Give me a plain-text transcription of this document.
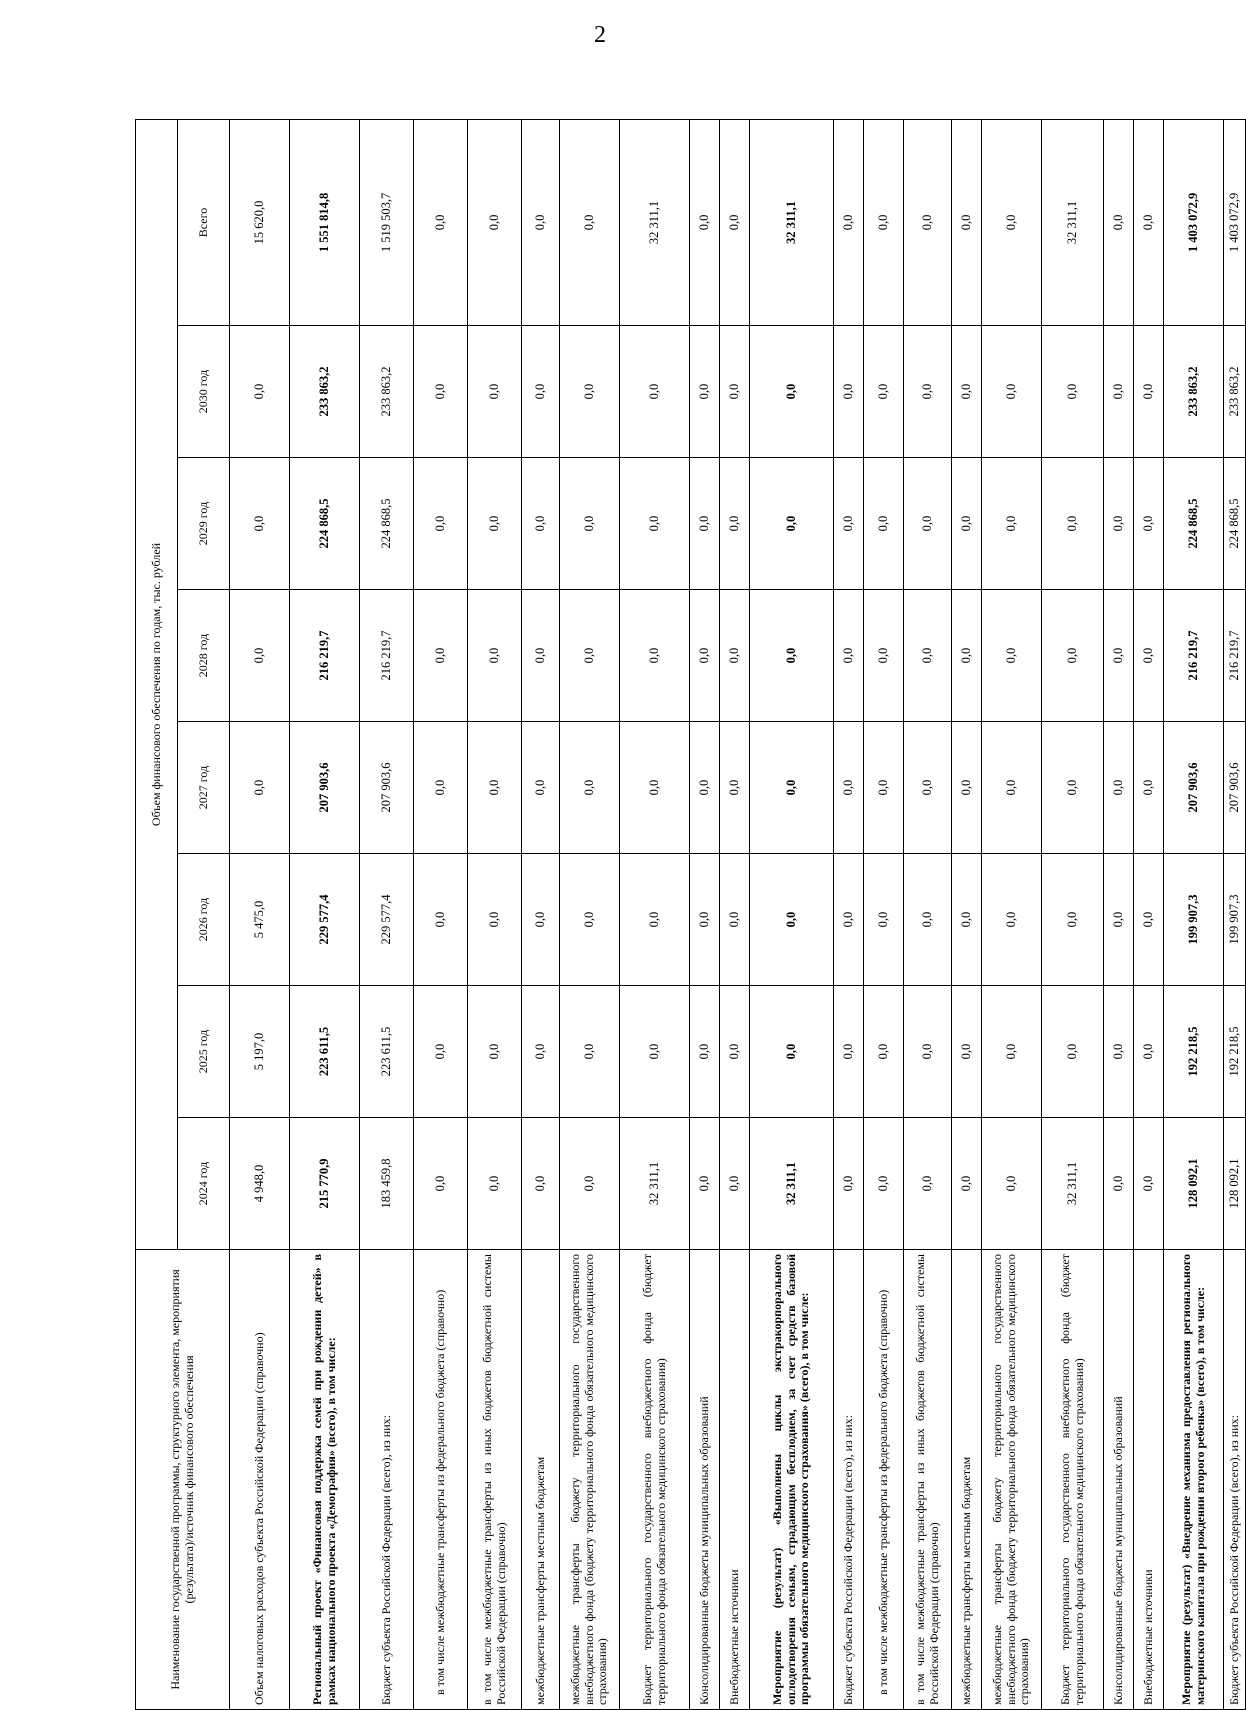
2
Наименование государственной программы, структурного элемента, мероприятия (результата)/источник финансового обеспечения	Объем финансового обеспечения по годам, тыс. рублей							
	2024 год	2025 год	2026 год	2027 год	2028 год	2029 год	2030 год	Всего
Объем налоговых расходов субъекта Российской Федерации (справочно)	4 948,0	5 197,0	5 475,0	0,0	0,0	0,0	0,0	15 620,0
Региональный проект «Финансовая поддержка семей при рождении детей» в рамках национального проекта «Демография» (всего), в том числе:	215 770,9	223 611,5	229 577,4	207 903,6	216 219,7	224 868,5	233 863,2	1 551 814,8
Бюджет субъекта Российской Федерации (всего), из них:	183 459,8	223 611,5	229 577,4	207 903,6	216 219,7	224 868,5	233 863,2	1 519 503,7
в том числе межбюджетные трансферты из федерального бюджета (справочно)	0,0	0,0	0,0	0,0	0,0	0,0	0,0	0,0
в том числе межбюджетные трансферты из иных бюджетов бюджетной системы Российской Федерации (справочно)	0,0	0,0	0,0	0,0	0,0	0,0	0,0	0,0
межбюджетные трансферты местным бюджетам	0,0	0,0	0,0	0,0	0,0	0,0	0,0	0,0
межбюджетные трансферты бюджету территориального государственного внебюджетного фонда (бюджету территориального фонда обязательного медицинского страхования)	0,0	0,0	0,0	0,0	0,0	0,0	0,0	0,0
Бюджет территориального государственного внебюджетного фонда (бюджет территориального фонда обязательного медицинского страхования)	32 311,1	0,0	0,0	0,0	0,0	0,0	0,0	32 311,1
Консолидированные бюджеты муниципальных образований	0,0	0,0	0,0	0,0	0,0	0,0	0,0	0,0
Внебюджетные источники	0,0	0,0	0,0	0,0	0,0	0,0	0,0	0,0
Мероприятие (результат) «Выполнены циклы экстракорпорального оплодотворения семьям, страдающим бесплодием, за счет средств базовой программы обязательного медицинского страхования» (всего), в том числе:	32 311,1	0,0	0,0	0,0	0,0	0,0	0,0	32 311,1
Бюджет субъекта Российской Федерации (всего), из них:	0,0	0,0	0,0	0,0	0,0	0,0	0,0	0,0
в том числе межбюджетные трансферты из федерального бюджета (справочно)	0,0	0,0	0,0	0,0	0,0	0,0	0,0	0,0
в том числе межбюджетные трансферты из иных бюджетов бюджетной системы Российской Федерации (справочно)	0,0	0,0	0,0	0,0	0,0	0,0	0,0	0,0
межбюджетные трансферты местным бюджетам	0,0	0,0	0,0	0,0	0,0	0,0	0,0	0,0
межбюджетные трансферты бюджету территориального государственного внебюджетного фонда (бюджету территориального фонда обязательного медицинского страхования)	0,0	0,0	0,0	0,0	0,0	0,0	0,0	0,0
Бюджет территориального государственного внебюджетного фонда (бюджет территориального фонда обязательного медицинского страхования)	32 311,1	0,0	0,0	0,0	0,0	0,0	0,0	32 311,1
Консолидированные бюджеты муниципальных образований	0,0	0,0	0,0	0,0	0,0	0,0	0,0	0,0
Внебюджетные источники	0,0	0,0	0,0	0,0	0,0	0,0	0,0	0,0
Мероприятие (результат) «Внедрение механизма предоставления регионального материнского капитала при рождении второго ребенка» (всего), в том числе:	128 092,1	192 218,5	199 907,3	207 903,6	216 219,7	224 868,5	233 863,2	1 403 072,9
Бюджет субъекта Российской Федерации (всего), из них:	128 092,1	192 218,5	199 907,3	207 903,6	216 219,7	224 868,5	233 863,2	1 403 072,9
